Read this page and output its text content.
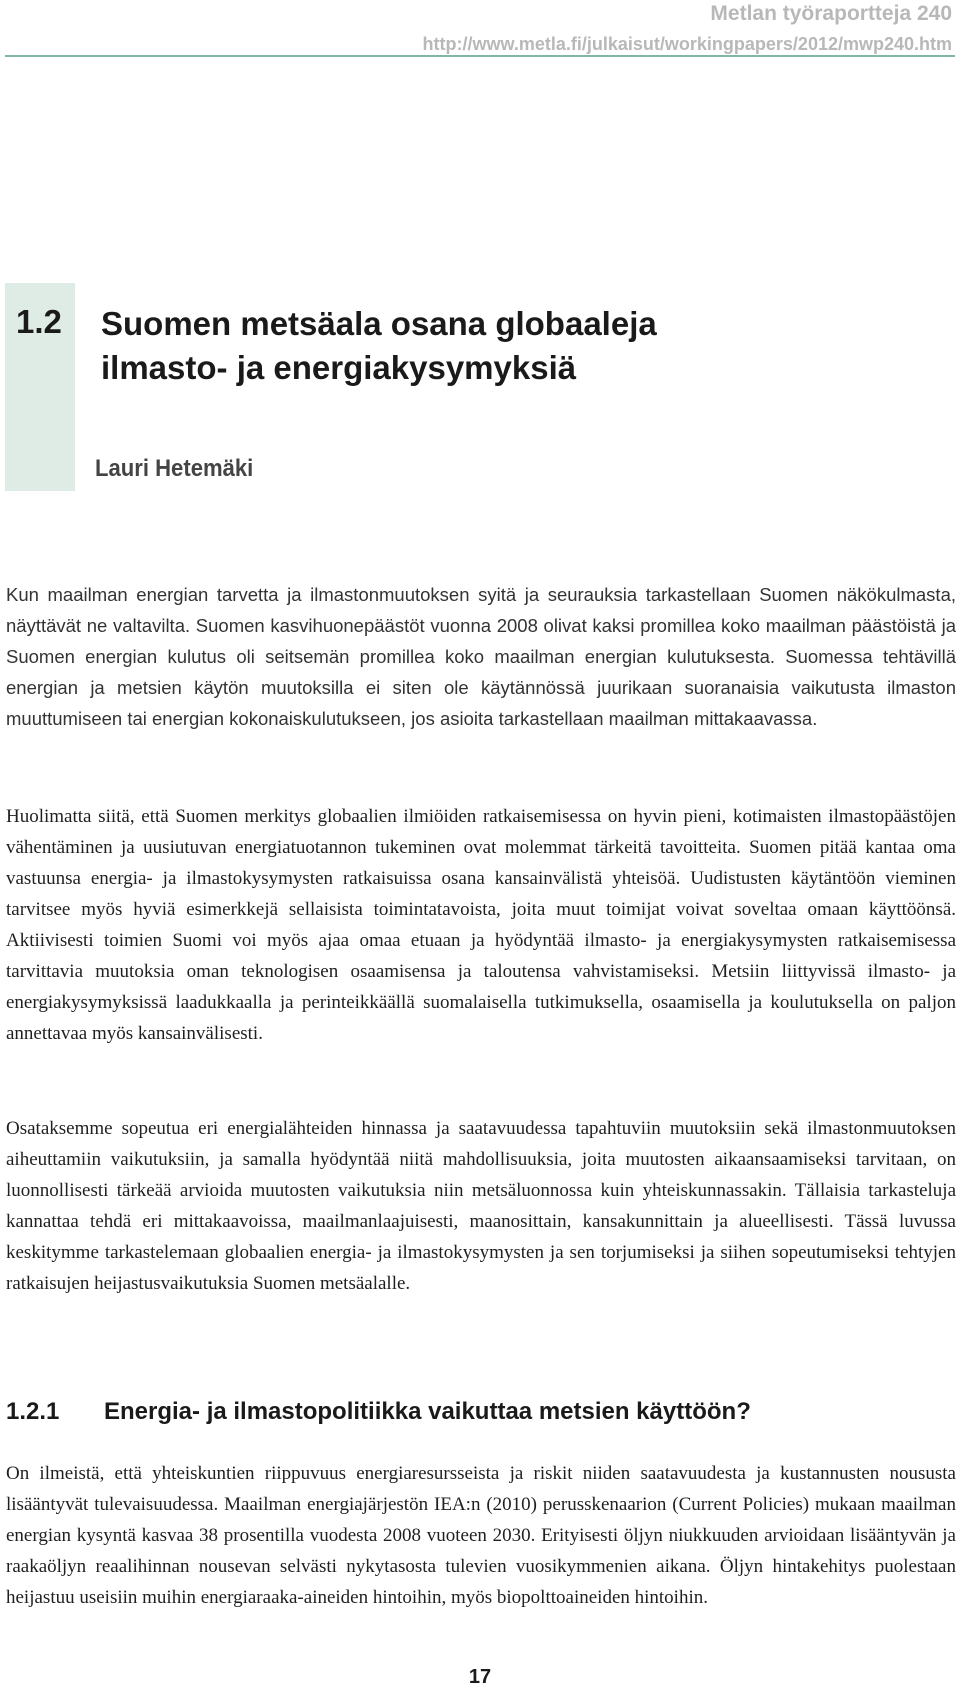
Metlan työraportteja 240
http://www.metla.fi/julkaisut/workingpapers/2012/mwp240.htm
1.2 Suomen metsäala osana globaaleja
ilmasto- ja energiakysymyksiä
Lauri Hetemäki

Kun maailman energian tarvetta ja ilmastonmuutoksen syitä ja seurauksia tarkastellaan Suomen näkökulmasta, näyttävät ne valtavilta. Suomen kasvihuonepäästöt vuonna 2008 olivat kaksi promillea koko maailman päästöistä ja Suomen energian kulutus oli seitsemän promillea koko maailman energian kulutuksesta. Suomessa tehtävillä energian ja metsien käytön muutoksilla ei siten ole käytännössä juurikaan suoranaisia vaikutusta ilmaston muuttumiseen tai energian kokonaiskulutukseen, jos asioita tarkastellaan maailman mittakaavassa.

Huolimatta siitä, että Suomen merkitys globaalien ilmiöiden ratkaisemisessa on hyvin pieni, kotimaisten ilmastopäästöjen vähentäminen ja uusiutuvan energiatuotannon tukeminen ovat molemmat tärkeitä tavoitteita. Suomen pitää kantaa oma vastuunsa energia- ja ilmastokysymysten ratkaisuissa osana kansainvälistä yhteisöä. Uudistusten käytäntöön vieminen tarvitsee myös hyviä esimerkkejä sellaisista toimintatavoista, joita muut toimijat voivat soveltaa omaan käyttöönsä. Aktiivisesti toimien Suomi voi myös ajaa omaa etuaan ja hyödyntää ilmasto- ja energiakysymysten ratkaisemisessa tarvittavia muutoksia oman teknologisen osaamisensa ja taloutensa vahvistamiseksi. Metsiin liittyvissä ilmasto- ja energiakysymyksissä laadukkaalla ja perinteikkäällä suomalaisella tutkimuksella, osaamisella ja koulutuksella on paljon annettavaa myös kansainvälisesti.

Osataksemme sopeutua eri energialähteiden hinnassa ja saatavuudessa tapahtuviin muutoksiin sekä ilmastonmuutoksen aiheuttamiin vaikutuksiin, ja samalla hyödyntää niitä mahdollisuuksia, joita muutosten aikaansaamiseksi tarvitaan, on luonnollisesti tärkeää arvioida muutosten vaikutuksia niin metsäluonnossa kuin yhteiskunnassakin. Tällaisia tarkasteluja kannattaa tehdä eri mittakaavoissa, maailmanlaajuisesti, maanosittain, kansakunnittain ja alueellisesti. Tässä luvussa keskitymme tarkastelemaan globaalien energia- ja ilmastokysymysten ja sen torjumiseksi ja siihen sopeutumiseksi tehtyjen ratkaisujen heijastusvaikutuksia Suomen metsäalalle.

1.2.1 Energia- ja ilmastopolitiikka vaikuttaa metsien käyttöön?

On ilmeistä, että yhteiskuntien riippuvuus energiaresursseista ja riskit niiden saatavuudesta ja kustannusten noususta lisääntyvät tulevaisuudessa. Maailman energiajärjestön IEA:n (2010) perusskenaarion (Current Policies) mukaan maailman energian kysyntä kasvaa 38 prosentilla vuodesta 2008 vuoteen 2030. Erityisesti öljyn niukkuuden arvioidaan lisääntyvän ja raakaöljyn reaalihinnan nousevan selvästi nykytasosta tulevien vuosikymmenien aikana. Öljyn hintakehitys puolestaan heijastuu useisiin muihin energiaraaka-aineiden hintoihin, myös biopolttoaineiden hintoihin.

17
